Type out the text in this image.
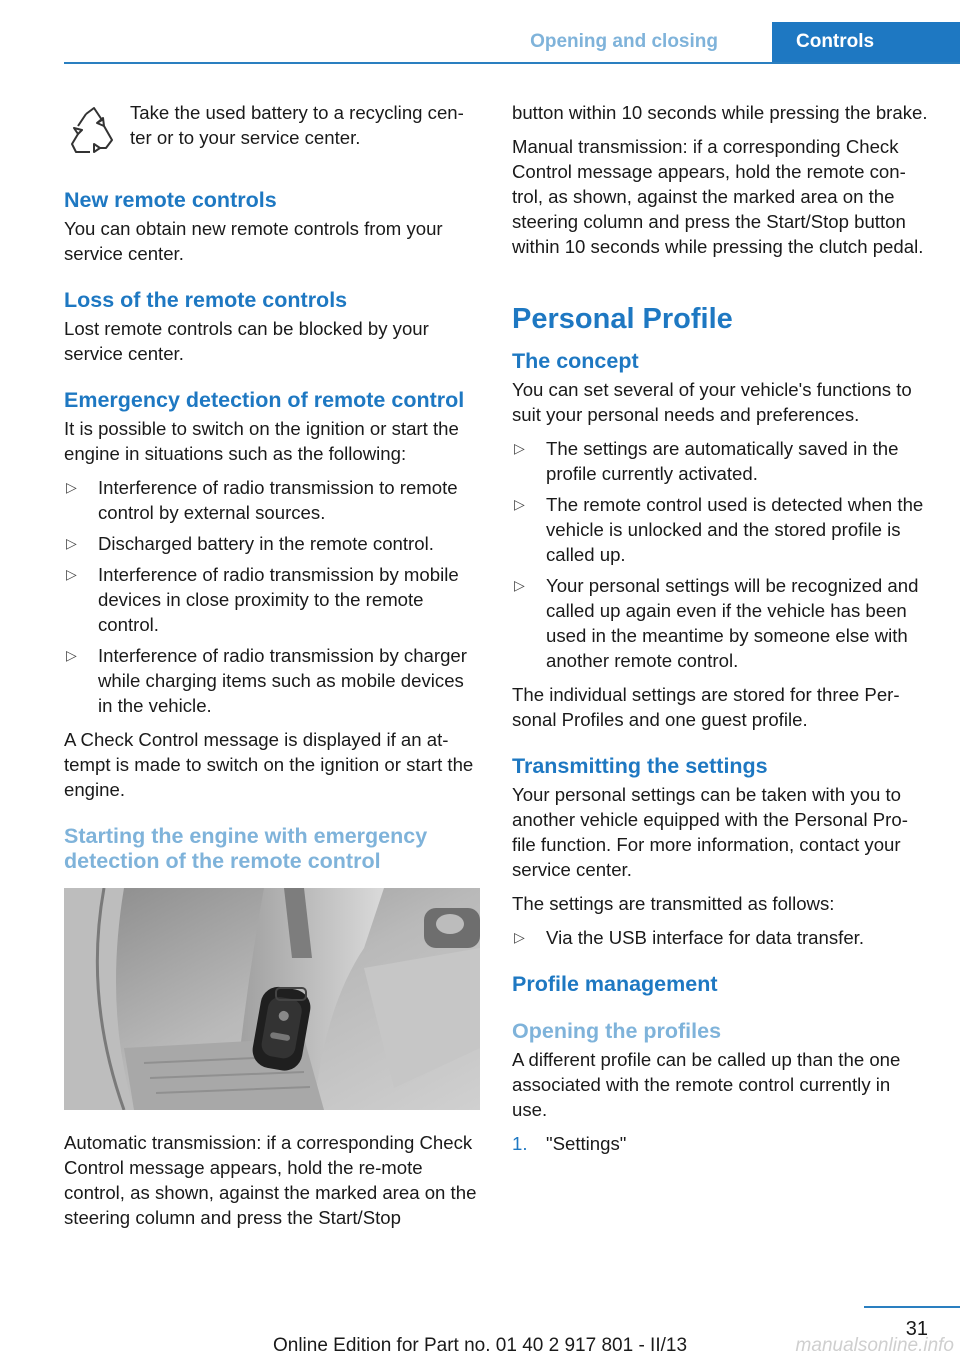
Opening and closing	Controls

Take the used battery to a recycling cen‐ter or to your service center.

New remote controls

You can obtain new remote controls from your service center.

Loss of the remote controls

Lost remote controls can be blocked by your service center.

Emergency detection of remote control

It is possible to switch on the ignition or start the engine in situations such as the following:

▷ Interference of radio transmission to remote control by external sources.
▷ Discharged battery in the remote control.
▷ Interference of radio transmission by mobile devices in close proximity to the remote control.
▷ Interference of radio transmission by charger while charging items such as mobile devices in the vehicle.

A Check Control message is displayed if an at‐tempt is made to switch on the ignition or start the engine.

Starting the engine with emergency detection of the remote control

Automatic transmission: if a corresponding Check Control message appears, hold the re‐mote control, as shown, against the marked area on the steering column and press the Start/Stop

button within 10 seconds while pressing the brake.

Manual transmission: if a corresponding Check Control message appears, hold the remote con‐trol, as shown, against the marked area on the steering column and press the Start/Stop button within 10 seconds while pressing the clutch pedal.

Personal Profile
The concept

You can set several of your vehicle's functions to suit your personal needs and preferences.

▷ The settings are automatically saved in the profile currently activated.
▷ The remote control used is detected when the vehicle is unlocked and the stored profile is called up.
▷ Your personal settings will be recognized and called up again even if the vehicle has been used in the meantime by someone else with another remote control.

The individual settings are stored for three Per‐sonal Profiles and one guest profile.

Transmitting the settings

Your personal settings can be taken with you to another vehicle equipped with the Personal Pro‐file function. For more information, contact your service center.

The settings are transmitted as follows:

▷ Via the USB interface for data transfer.
Profile management
Opening the profiles

A different profile can be called up than the one associated with the remote control currently in use.

1. "Settings"
31
Online Edition for Part no. 01 40 2 917 801 - II/13	manualsonline.info
